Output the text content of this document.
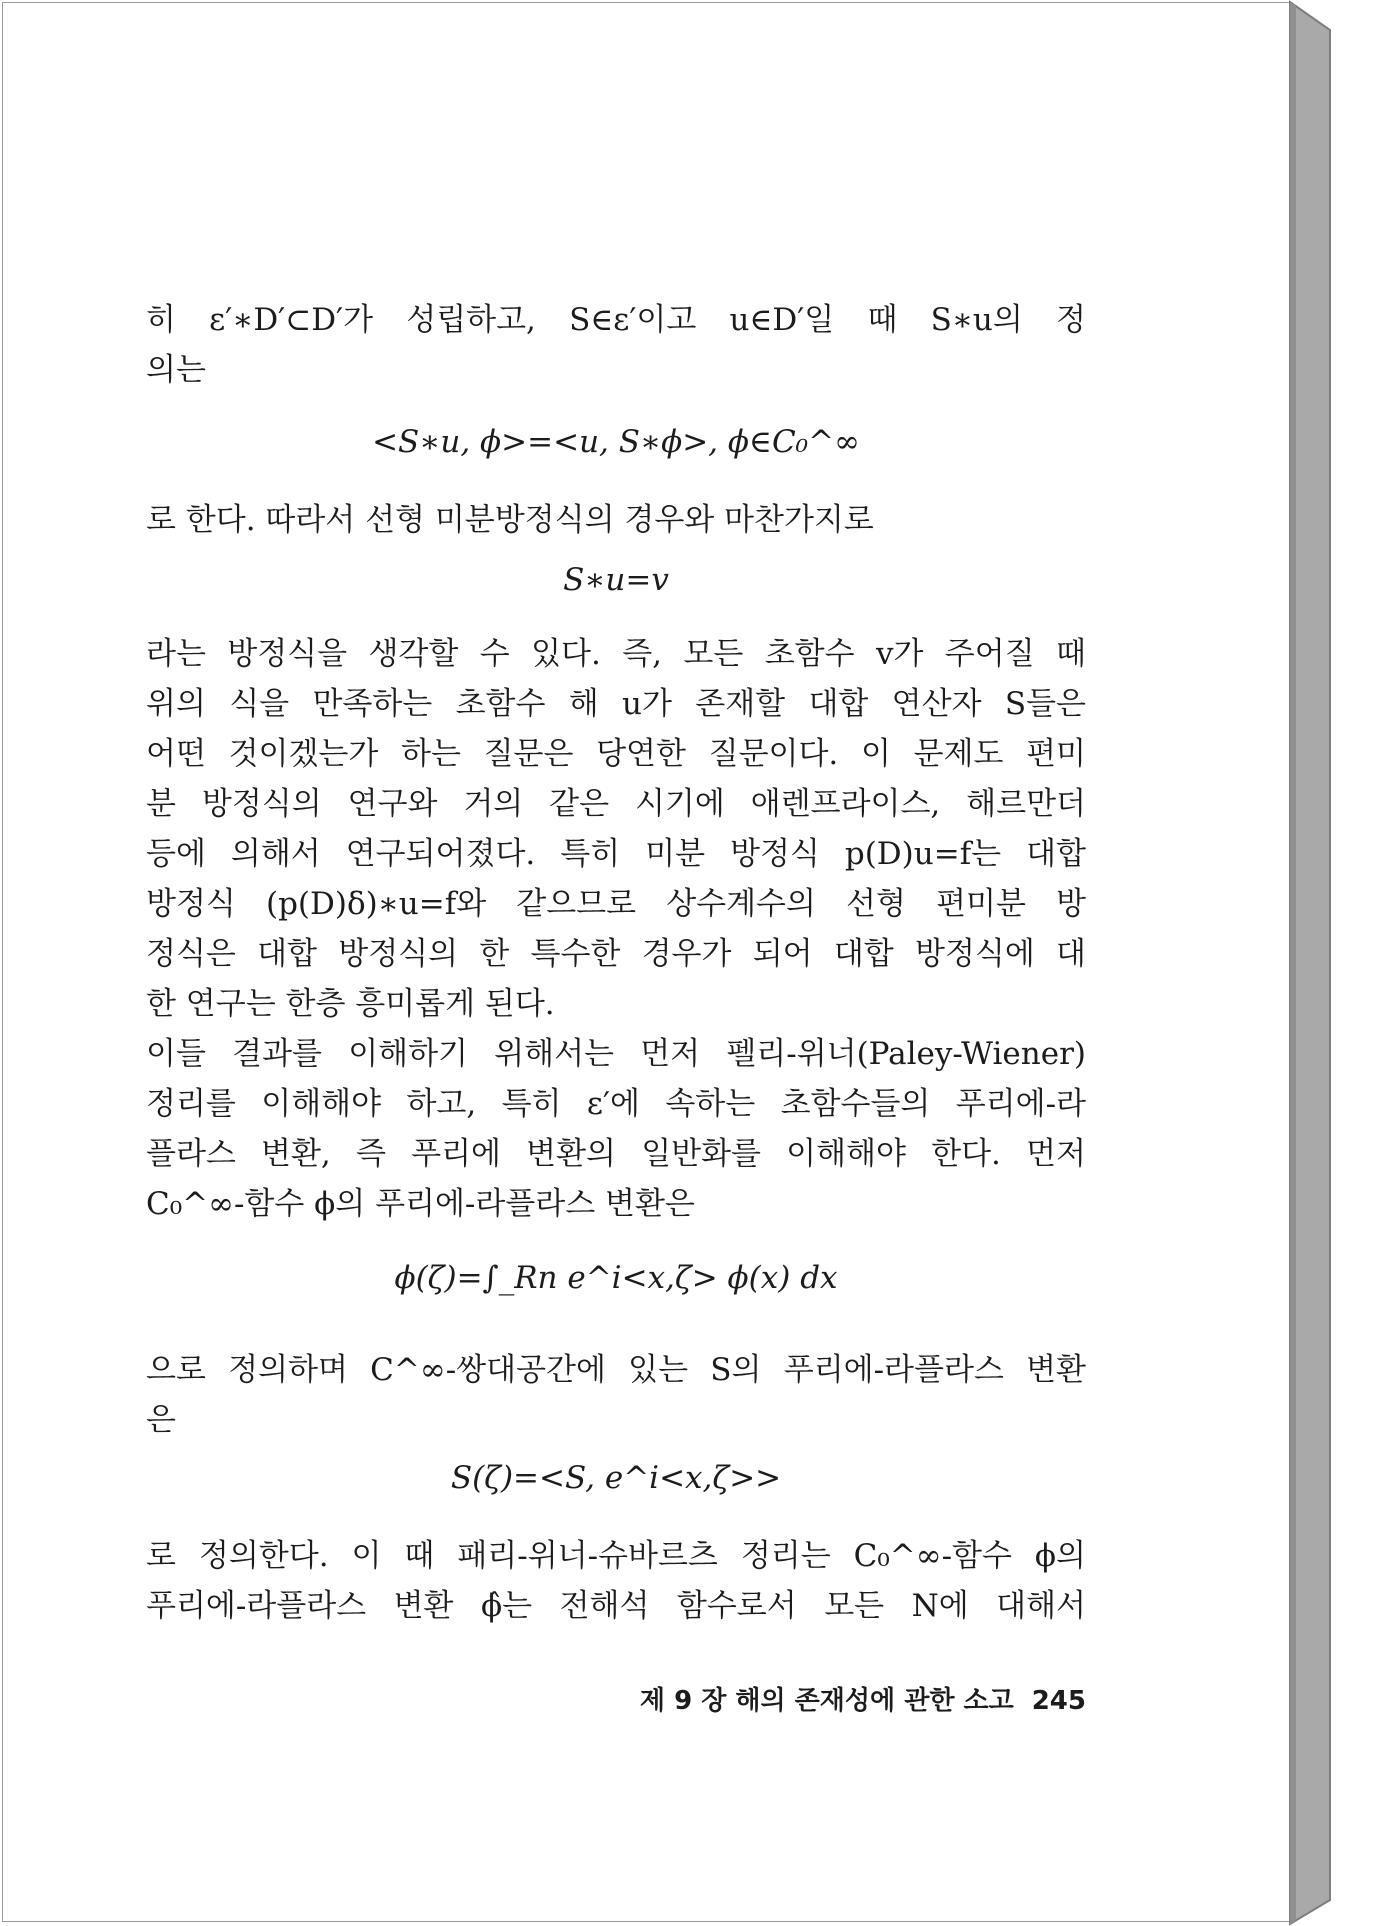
히 ε′∗D′⊂D′가 성립하고, S∈ε′이고 u∈D′일 때 S∗u의 정
의는
<S∗u, ϕ>=<u, S∗ϕ>, ϕ∈C₀^∞
로 한다. 따라서 선형 미분방정식의 경우와 마찬가지로
S∗u=v
라는 방정식을 생각할 수 있다. 즉, 모든 초함수 v가 주어질 때
위의 식을 만족하는 초함수 해 u가 존재할 대합 연산자 S들은
어떤 것이겠는가 하는 질문은 당연한 질문이다. 이 문제도 편미
분 방정식의 연구와 거의 같은 시기에 애렌프라이스, 해르만더
등에 의해서 연구되어졌다. 특히 미분 방정식 p(D)u=f는 대합
방정식 (p(D)δ)∗u=f와 같으므로 상수계수의 선형 편미분 방
정식은 대합 방정식의 한 특수한 경우가 되어 대합 방정식에 대
한 연구는 한층 흥미롭게 된다.
이들 결과를 이해하기 위해서는 먼저 펠리-위너(Paley-Wiener)
정리를 이해해야 하고, 특히 ε′에 속하는 초함수들의 푸리에-라
플라스 변환, 즉 푸리에 변환의 일반화를 이해해야 한다. 먼저
C₀^∞-함수 ϕ의 푸리에-라플라스 변환은
ϕ(ζ)=∫_Rn e^i<x,ζ> ϕ(x) dx
으로 정의하며 C^∞-쌍대공간에 있는 S의 푸리에-라플라스 변환
은
S(ζ)=<S, e^i<x,ζ>>
로 정의한다. 이 때 패리-위너-슈바르츠 정리는 C₀^∞-함수 ϕ의
푸리에-라플라스 변환 ϕ̂는 전해석 함수로서 모든 N에 대해서
제 9 장 해의 존재성에 관한 소고 245
